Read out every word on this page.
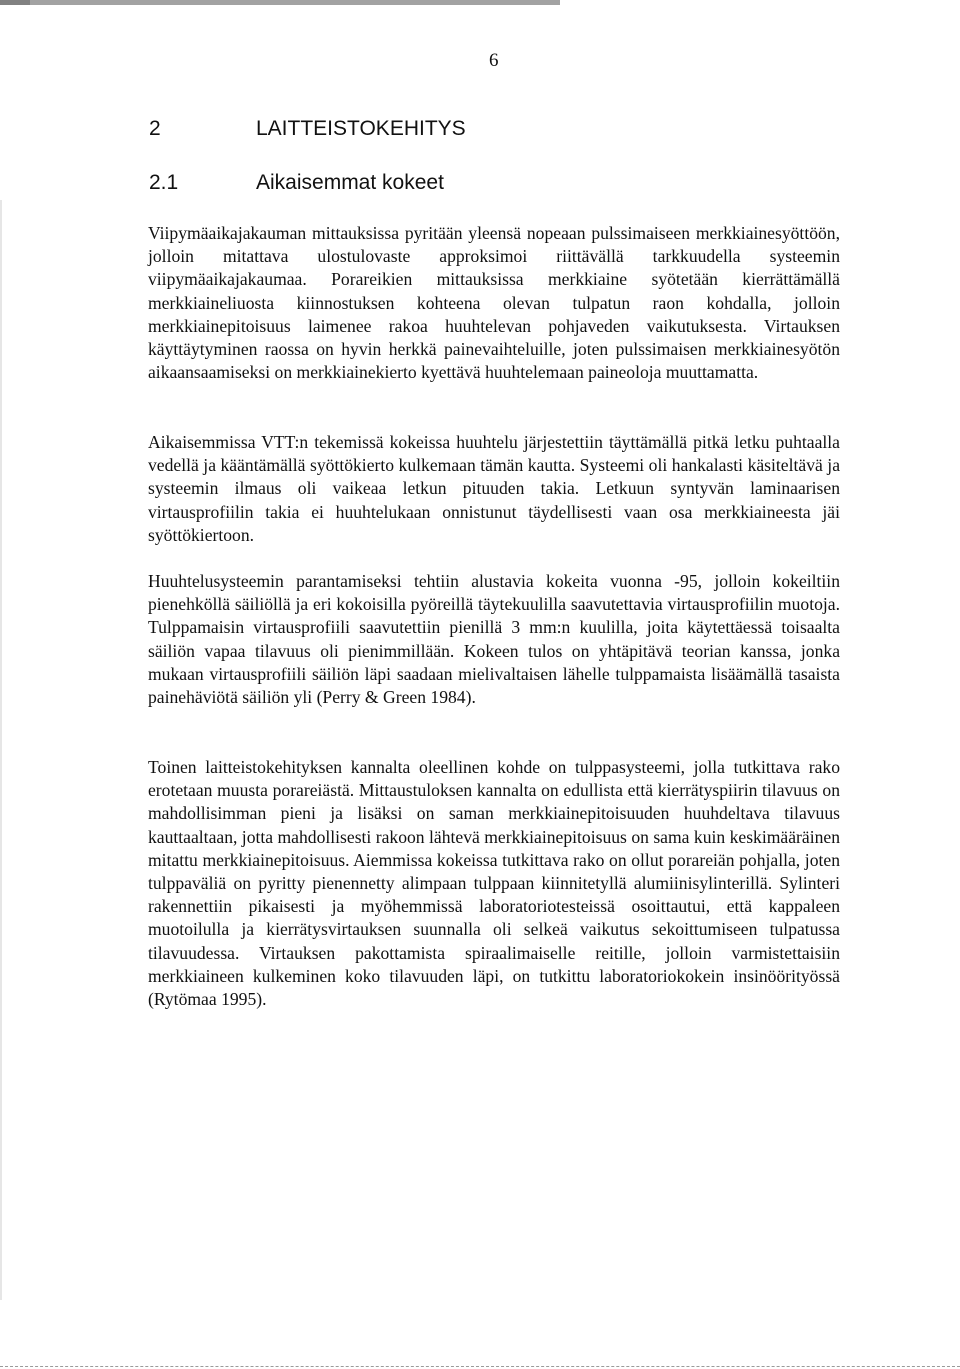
6
2	LAITTEISTOKEHITYS
2.1	Aikaisemmat kokeet

Viipymäaikajakauman mittauksissa pyritään yleensä nopeaan pulssimaiseen merkkiainesyöttöön, jolloin mitattava ulostulovaste approksimoi riittävällä tarkkuudella systeemin viipymäaikajakaumaa. Porareikien mittauksissa merkkiaine syötetään kierrättämällä merkkiaineliuosta kiinnostuksen kohteena olevan tulpatun raon kohdalla, jolloin merkkiainepitoisuus laimenee rakoa huuhtelevan pohjaveden vaikutuksesta. Virtauksen käyttäytyminen raossa on hyvin herkkä painevaihteluille, joten pulssimaisen merkkiainesyötön aikaansaamiseksi on merkkiainekierto kyettävä huuhtelemaan paineoloja muuttamatta.

Aikaisemmissa VTT:n tekemissä kokeissa huuhtelu järjestettiin täyttämällä pitkä letku puhtaalla vedellä ja kääntämällä syöttökierto kulkemaan tämän kautta. Systeemi oli hankalasti käsiteltävä ja systeemin ilmaus oli vaikeaa letkun pituuden takia. Letkuun syntyvän laminaarisen virtausprofiilin takia ei huuhtelukaan onnistunut täydellisesti vaan osa merkkiaineesta jäi syöttökiertoon.

Huuhtelusysteemin parantamiseksi tehtiin alustavia kokeita vuonna -95, jolloin kokeiltiin pienehköllä säiliöllä ja eri kokoisilla pyöreillä täytekuulilla saavutettavia virtausprofiilin muotoja. Tulppamaisin virtausprofiili saavutettiin pienillä 3 mm:n kuulilla, joita käytettäessä toisaalta säiliön vapaa tilavuus oli pienimmillään. Kokeen tulos on yhtäpitävä teorian kanssa, jonka mukaan virtausprofiili säiliön läpi saadaan mielivaltaisen lähelle tulppamaista lisäämällä tasaista painehäviötä säiliön yli (Perry & Green 1984).

Toinen laitteistokehityksen kannalta oleellinen kohde on tulppasysteemi, jolla tutkittava rako erotetaan muusta porareiästä. Mittaustuloksen kannalta on edullista että kierrätyspiirin tilavuus on mahdollisimman pieni ja lisäksi on saman merkkiainepitoisuuden huuhdeltava tilavuus kauttaaltaan, jotta mahdollisesti rakoon lähtevä merkkiainepitoisuus on sama kuin keskimääräinen mitattu merkkiainepitoisuus. Aiemmissa kokeissa tutkittava rako on ollut porareiän pohjalla, joten tulppaväliä on pyritty pienennetty alimpaan tulppaan kiinnitetyllä alumiinisylinterillä. Sylinteri rakennettiin pikaisesti ja myöhemmissä laboratoriotesteissä osoittautui, että kappaleen muotoilulla ja kierrätysvirtauksen suunnalla oli selkeä vaikutus sekoittumiseen tulpatussa tilavuudessa. Virtauksen pakottamista spiraalimaiselle reitille, jolloin varmistettaisiin merkkiaineen kulkeminen koko tilavuuden läpi, on tutkittu laboratoriokokein insinöörityössä (Rytömaa 1995).
